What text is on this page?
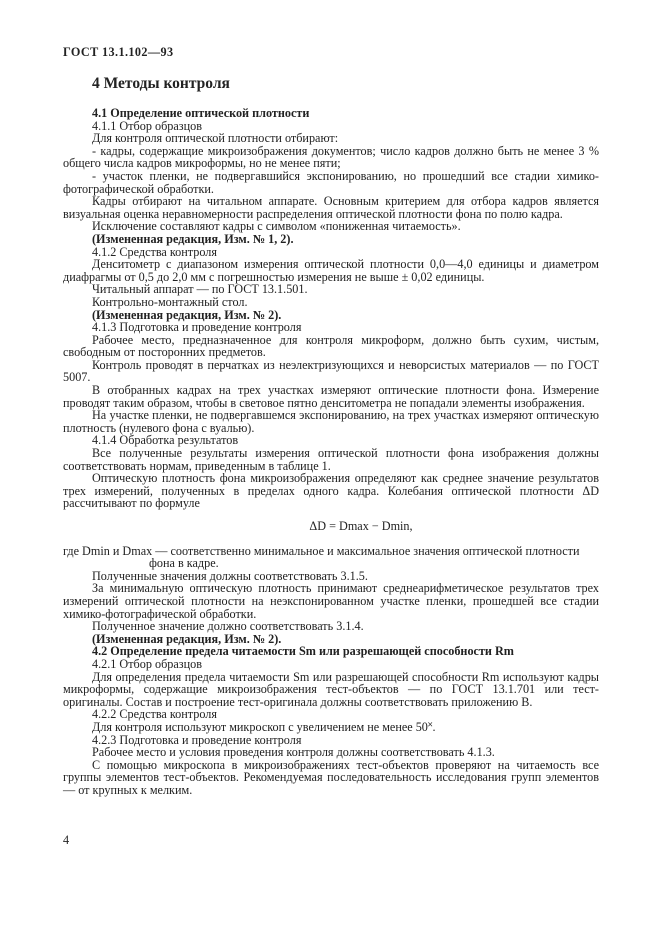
ГОСТ 13.1.102—93
4 Методы контроля

4.1 Определение оптической плотности

4.1.1 Отбор образцов

Для контроля оптической плотности отбирают:

- кадры, содержащие микроизображения документов; число кадров должно быть не менее 3 % общего числа кадров микроформы, но не менее пяти;

- участок пленки, не подвергавшийся экспонированию, но прошедший все стадии химико-фотографической обработки.

Кадры отбирают на читальном аппарате. Основным критерием для отбора кадров является визуальная оценка неравномерности распределения оптической плотности фона по полю кадра.

Исключение составляют кадры с символом «пониженная читаемость».

(Измененная редакция, Изм. № 1, 2).

4.1.2 Средства контроля

Денситометр с диапазоном измерения оптической плотности 0,0—4,0 единицы и диаметром диафрагмы от 0,5 до 2,0 мм с погрешностью измерения не выше ± 0,02 единицы.

Читальный аппарат — по ГОСТ 13.1.501.

Контрольно-монтажный стол.

(Измененная редакция, Изм. № 2).

4.1.3 Подготовка и проведение контроля

Рабочее место, предназначенное для контроля микроформ, должно быть сухим, чистым, свободным от посторонних предметов.

Контроль проводят в перчатках из неэлектризующихся и неворсистых материалов — по ГОСТ 5007.

В отобранных кадрах на трех участках измеряют оптические плотности фона. Измерение проводят таким образом, чтобы в световое пятно денситометра не попадали элементы изображения.

На участке пленки, не подвергавшемся экспонированию, на трех участках измеряют оптическую плотность (нулевого фона с вуалью).

4.1.4 Обработка результатов

Все полученные результаты измерения оптической плотности фона изображения должны соответствовать нормам, приведенным в таблице 1.

Оптическую плотность фона микроизображения определяют как среднее значение результатов трех измерений, полученных в пределах одного кадра. Колебания оптической плотности ΔD рассчитывают по формуле

ΔD = Dmax − Dmin,

где Dmin и Dmax — соответственно минимальное и максимальное значения оптической плотности

фона в кадре.

Полученные значения должны соответствовать 3.1.5.

За минимальную оптическую плотность принимают среднеарифметическое результатов трех измерений оптической плотности на неэкспонированном участке пленки, прошедшей все стадии химико-фотографической обработки.

Полученное значение должно соответствовать 3.1.4.

(Измененная редакция, Изм. № 2).

4.2 Определение предела читаемости Sm или разрешающей способности Rm

4.2.1 Отбор образцов

Для определения предела читаемости Sm или разрешающей способности Rm используют кадры микроформы, содержащие микроизображения тест-объектов — по ГОСТ 13.1.701 или тест-оригиналы. Состав и построение тест-оригинала должны соответствовать приложению В.

4.2.2 Средства контроля

Для контроля используют микроскоп с увеличением не менее 50˟.

4.2.3 Подготовка и проведение контроля

Рабочее место и условия проведения контроля должны соответствовать 4.1.3.

С помощью микроскопа в микроизображениях тест-объектов проверяют на читаемость все группы элементов тест-объектов. Рекомендуемая последовательность исследования групп элементов — от крупных к мелким.

4
